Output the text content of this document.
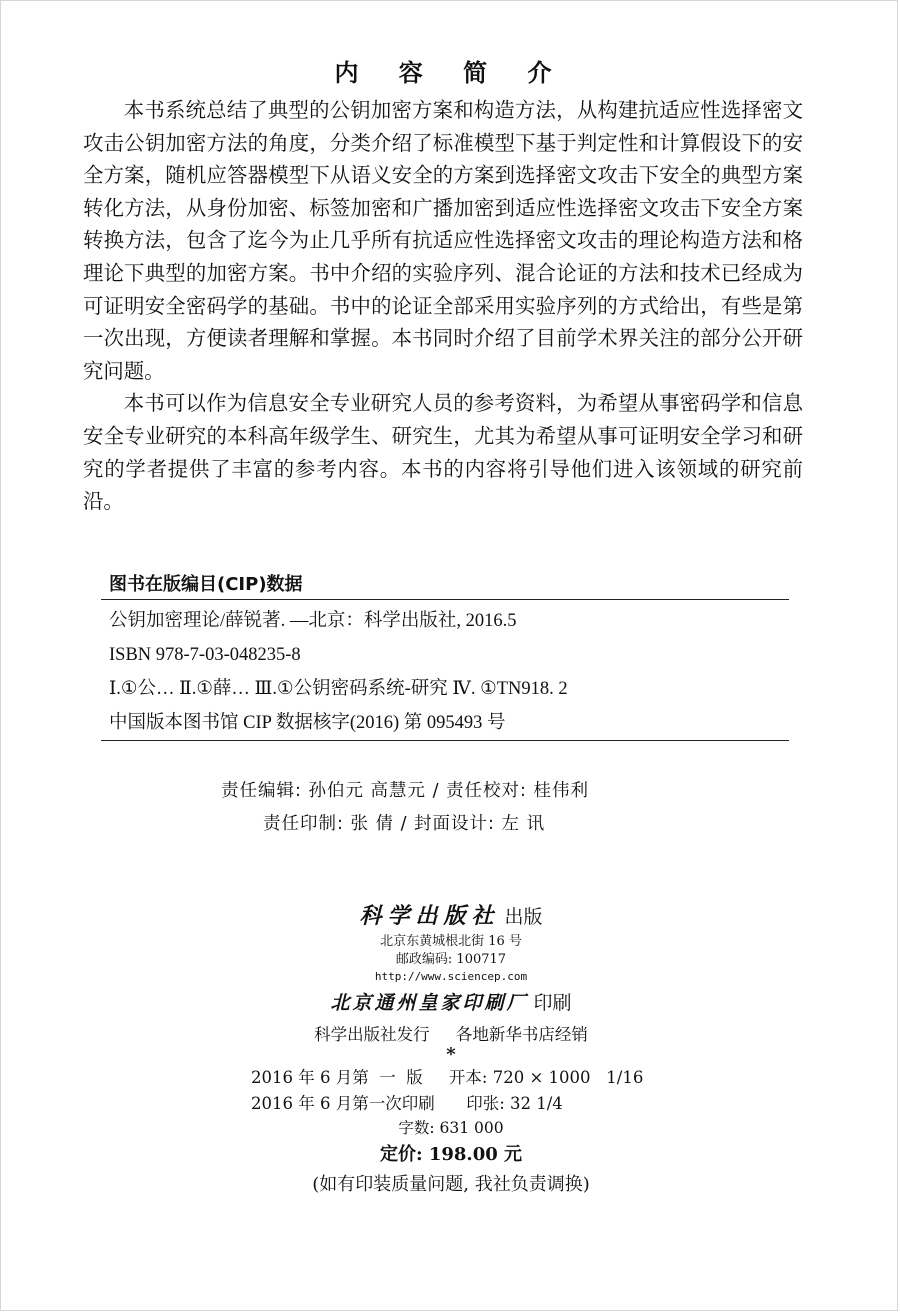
内 容 简 介

本书系统总结了典型的公钥加密方案和构造方法，从构建抗适应性选择密文攻击公钥加密方法的角度，分类介绍了标准模型下基于判定性和计算假设下的安全方案，随机应答器模型下从语义安全的方案到选择密文攻击下安全的典型方案转化方法，从身份加密、标签加密和广播加密到适应性选择密文攻击下安全方案转换方法，包含了迄今为止几乎所有抗适应性选择密文攻击的理论构造方法和格理论下典型的加密方案。书中介绍的实验序列、混合论证的方法和技术已经成为可证明安全密码学的基础。书中的论证全部采用实验序列的方式给出，有些是第一次出现，方便读者理解和掌握。本书同时介绍了目前学术界关注的部分公开研究问题。

本书可以作为信息安全专业研究人员的参考资料，为希望从事密码学和信息安全专业研究的本科高年级学生、研究生，尤其为希望从事可证明安全学习和研究的学者提供了丰富的参考内容。本书的内容将引导他们进入该领域的研究前沿。

图书在版编目(CIP)数据
公钥加密理论/薛锐著. —北京：科学出版社, 2016.5
ISBN 978-7-03-048235-8
Ⅰ.①公… Ⅱ.①薛… Ⅲ.①公钥密码系统-研究 Ⅳ. ①TN918. 2
中国版本图书馆 CIP 数据核字(2016) 第 095493 号
责任编辑: 孙伯元 高慧元 / 责任校对: 桂伟利
责任印制: 张 倩 / 封面设计: 左 讯
科学出版社 出版
北京东黄城根北街 16 号
邮政编码: 100717
http://www.sciencep.com
北京通州皇家印刷厂 印刷
科学出版社发行     各地新华书店经销
*
2016 年 6 月第  一  版     开本: 720 × 1000   1/16
2016 年 6 月第一次印刷      印张: 32 1/4
字数: 631 000
定价: 198.00 元
(如有印装质量问题, 我社负责调换)
